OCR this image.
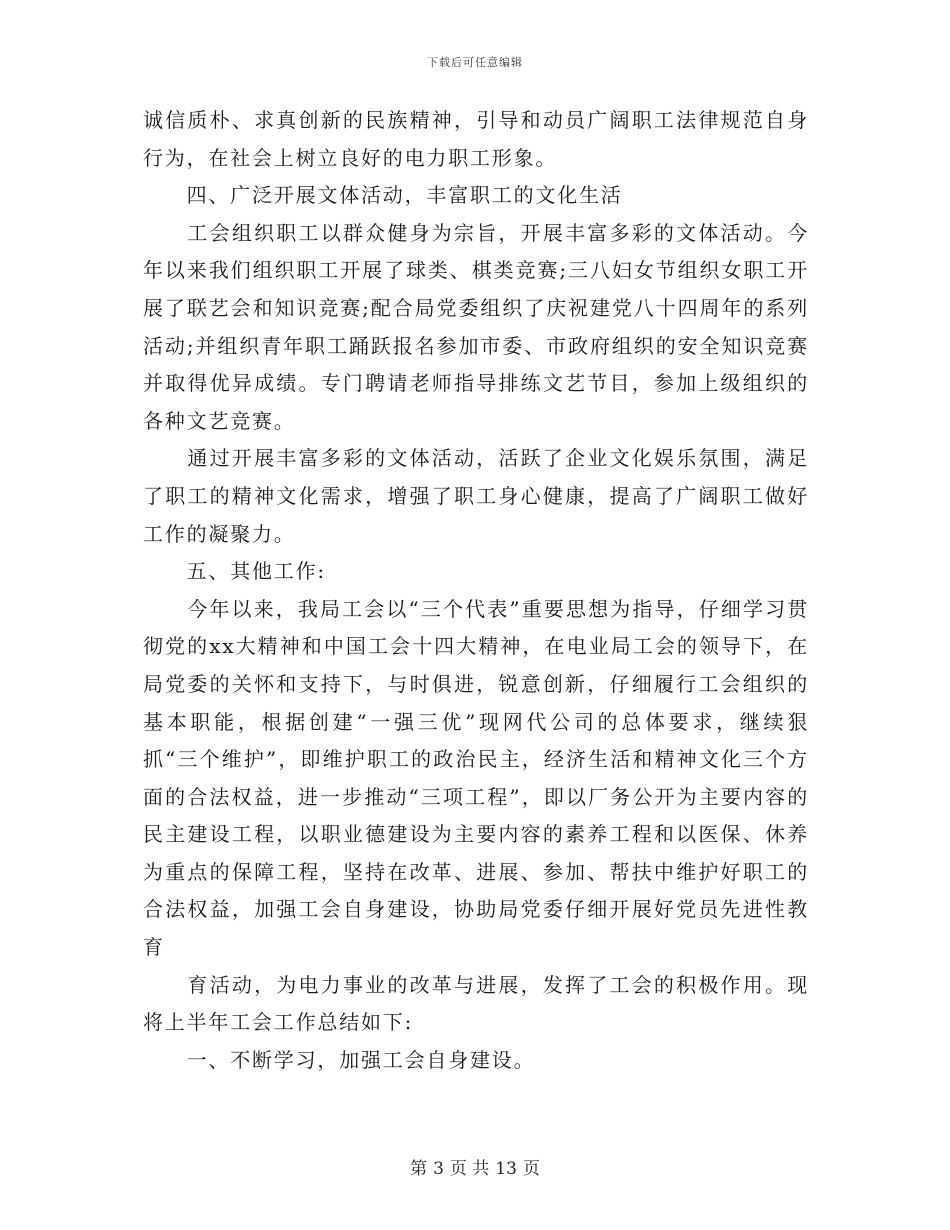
下载后可任意编辑

诚信质朴、求真创新的民族精神，引导和动员广阔职工法律规范自身行为，在社会上树立良好的电力职工形象。

　　四、广泛开展文体活动，丰富职工的文化生活

　　工会组织职工以群众健身为宗旨，开展丰富多彩的文体活动。今年以来我们组织职工开展了球类、棋类竞赛;三八妇女节组织女职工开展了联艺会和知识竞赛;配合局党委组织了庆祝建党八十四周年的系列活动;并组织青年职工踊跃报名参加市委、市政府组织的安全知识竞赛并取得优异成绩。专门聘请老师指导排练文艺节目，参加上级组织的各种文艺竞赛。

　　通过开展丰富多彩的文体活动，活跃了企业文化娱乐氛围，满足了职工的精神文化需求，增强了职工身心健康，提高了广阔职工做好工作的凝聚力。

　　五、其他工作:

　　今年以来，我局工会以“三个代表”重要思想为指导，仔细学习贯彻党的xx大精神和中国工会十四大精神，在电业局工会的领导下，在局党委的关怀和支持下，与时俱进，锐意创新，仔细履行工会组织的基本职能，根据创建“一强三优”现网代公司的总体要求，继续狠抓“三个维护”，即维护职工的政治民主，经济生活和精神文化三个方面的合法权益，进一步推动“三项工程”，即以厂务公开为主要内容的民主建设工程，以职业德建设为主要内容的素养工程和以医保、休养为重点的保障工程，坚持在改革、进展、参加、帮扶中维护好职工的合法权益，加强工会自身建设，协助局党委仔细开展好党员先进性教育

　　育活动，为电力事业的改革与进展，发挥了工会的积极作用。现将上半年工会工作总结如下:

　　一、不断学习，加强工会自身建设。

第 3 页 共 13 页
